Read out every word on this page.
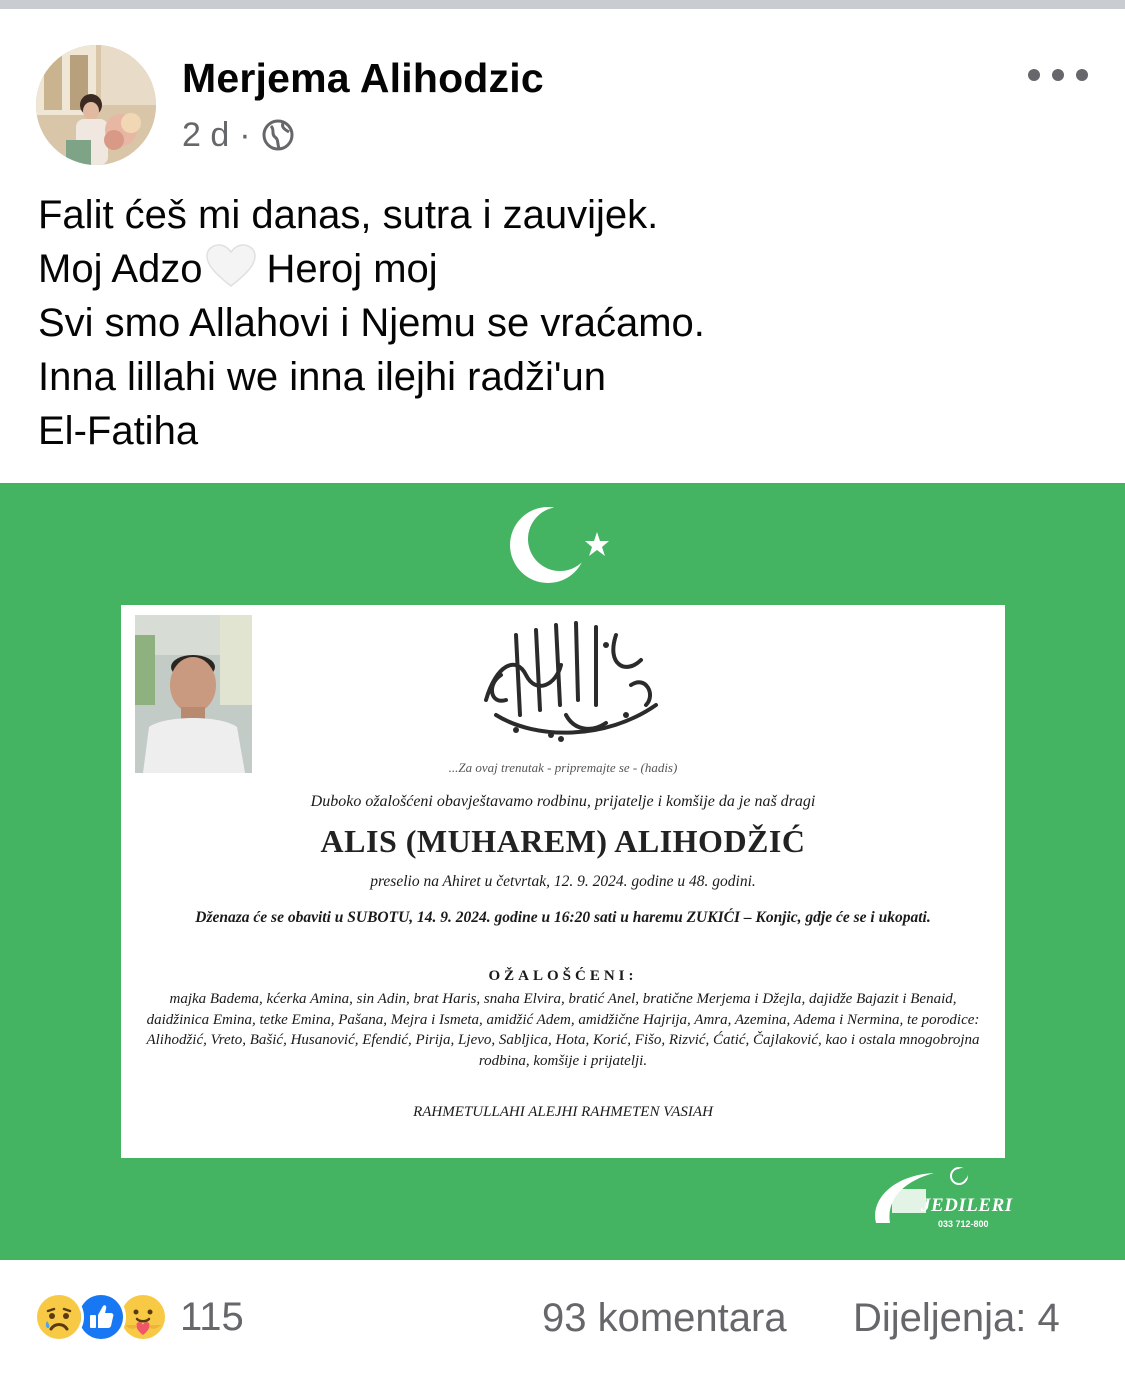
Merjema Alihodzic
2 d ·
Falit ćeš mi danas, sutra i zauvijek.
Moj Adzo Heroj moj
Svi smo Allahovi i Njemu se vraćamo.
Inna lillahi we inna ilejhi radži'un
El-Fatiha
...Za ovaj trenutak - pripremajte se - (hadis)
Duboko ožalošćeni obavještavamo rodbinu, prijatelje i komšije da je naš dragi
ALIS (MUHAREM) ALIHODŽIĆ
preselio na Ahiret u četvrtak, 12. 9. 2024. godine u 48. godini.
Dženaza će se obaviti u SUBOTU, 14. 9. 2024. godine u 16:20 sati u haremu ZUKIĆI – Konjic, gdje će se i ukopati.
OŽALOŠĆENI:
majka Badema, kćerka Amina, sin Adin, brat Haris, snaha Elvira, bratić Anel, bratične Merjema i Džejla, dajidže Bajazit i Benaid, daidžinica Emina, tetke Emina, Pašana, Mejra i Ismeta, amidžić Adem, amidžične Hajrija, Amra, Azemina, Adema i Nermina, te porodice: Alihodžić, Vreto, Bašić, Husanović, Efendić, Pirija, Ljevo, Sabljica, Hota, Korić, Fišo, Rizvić, Ćatić, Čajlaković, kao i ostala mnogobrojna rodbina, komšije i prijatelji.
RAHMETULLAHI ALEJHI RAHMETEN VASIAH
JEDILERI
033 712-800
115	93 komentara Dijeljenja: 4
